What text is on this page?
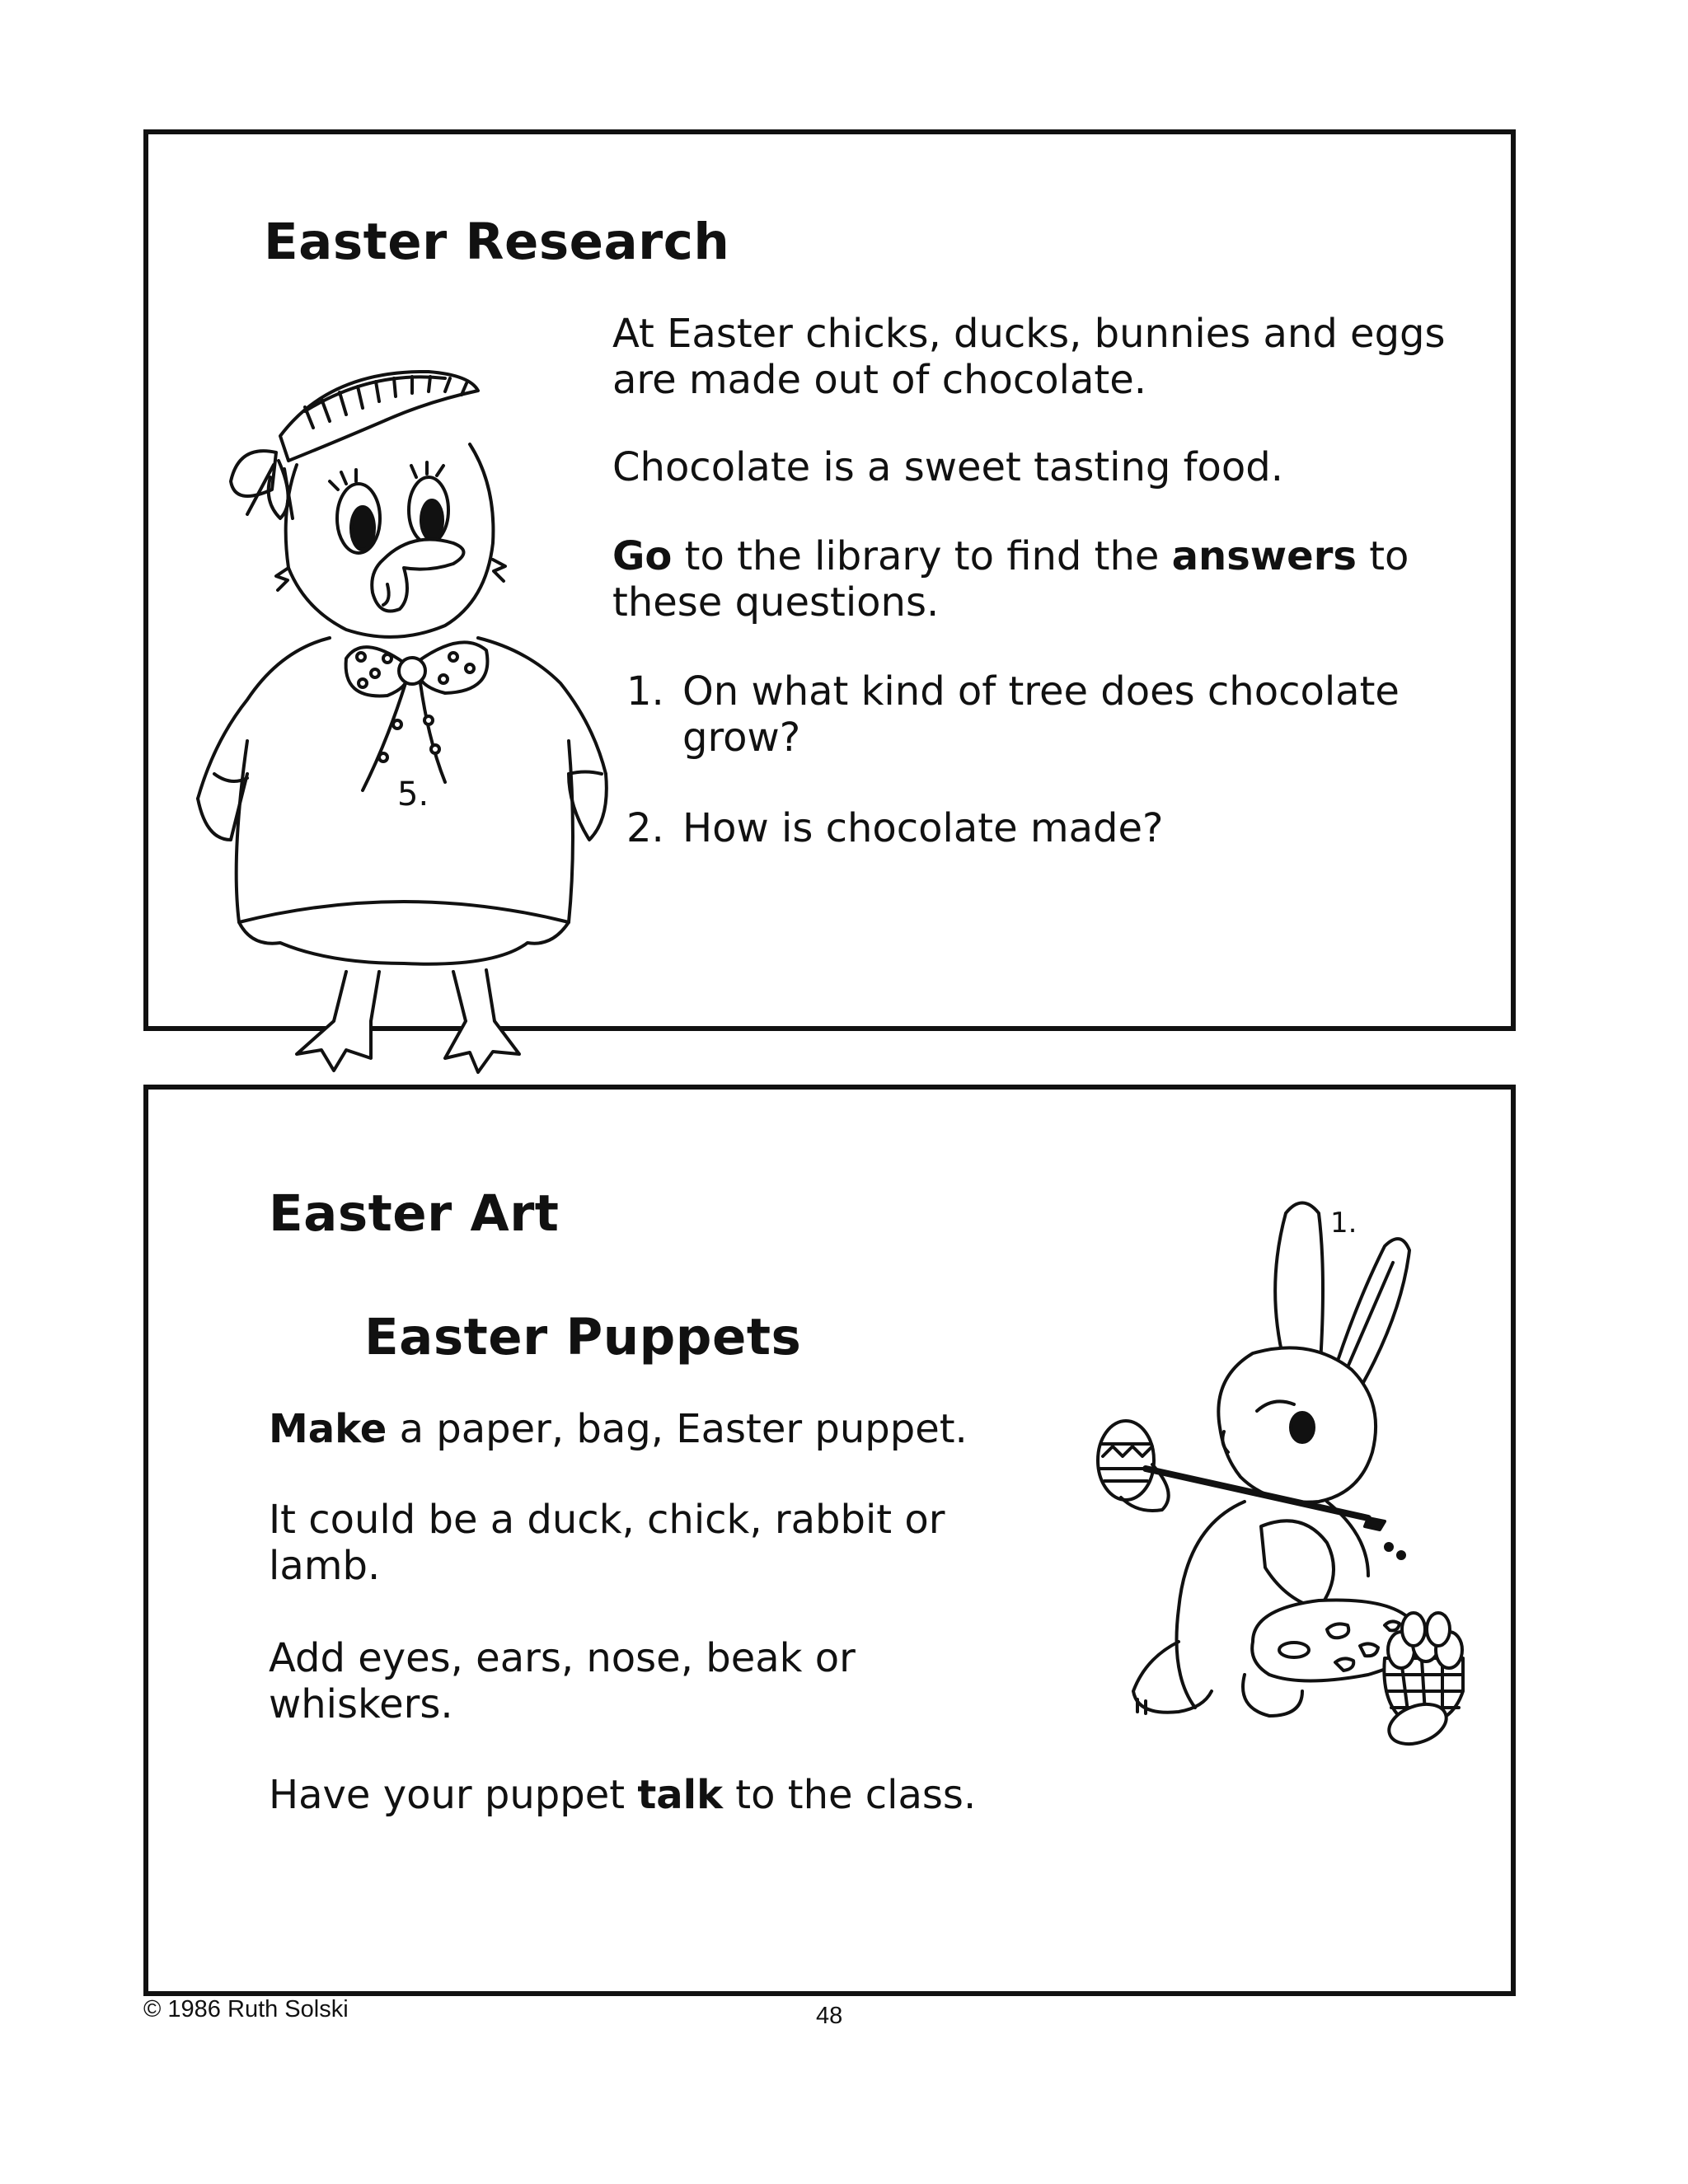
Easter Research
At Easter chicks, ducks, bunnies and eggs are made out of chocolate.
Chocolate is a sweet tasting food.
Go to the library to find the answers to these questions.
1. On what kind of tree does chocolate grow?
2. How is chocolate made?
5.
Easter Art
Easter Puppets
Make a paper, bag, Easter puppet.
It could be a duck, chick, rabbit or lamb.
Add eyes, ears, nose, beak or whiskers.
Have your puppet talk to the class.
1.
© 1986 Ruth Solski	48
